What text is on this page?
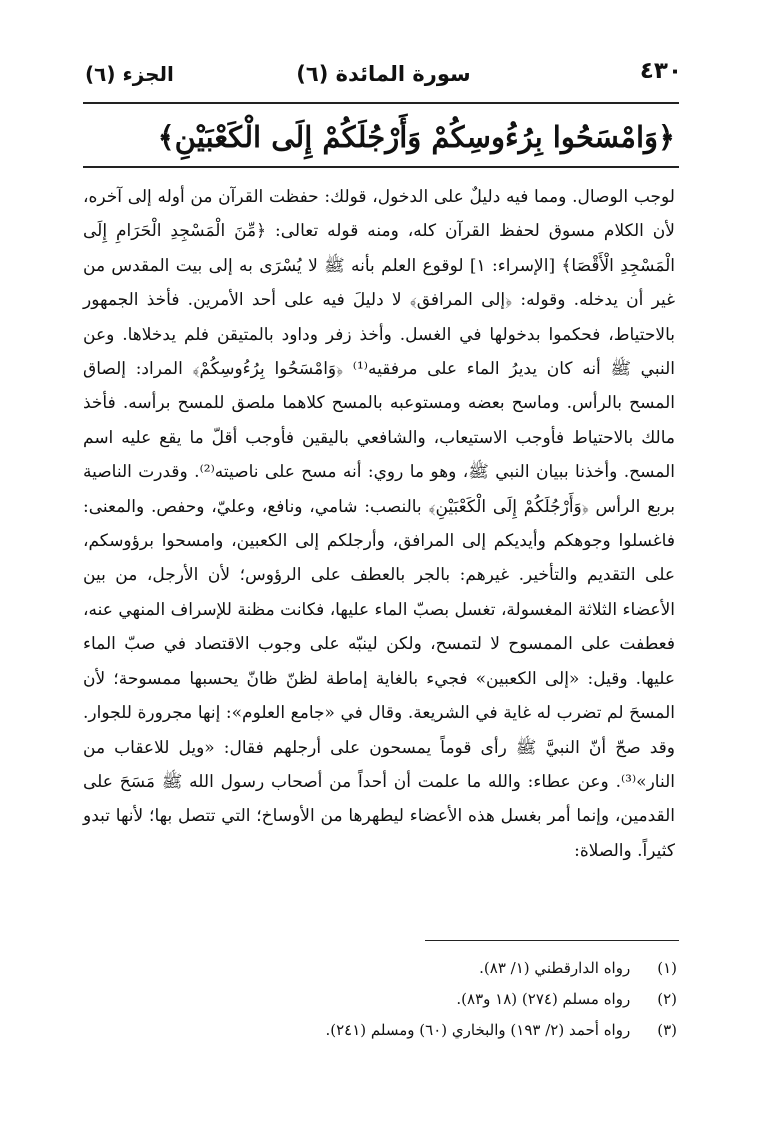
٤٣٠
سورة المائدة (٦)
الجزء (٦)
﴿وَامْسَحُوا بِرُءُوسِكُمْ وَأَرْجُلَكُمْ إِلَى الْكَعْبَيْنِ﴾

لوجب الوصال. ومما فيه دليلٌ على الدخول، قولك: حفظت القرآن من أوله إلى آخره، لأن الكلام مسوق لحفظ القرآن كله، ومنه قوله تعالى: ﴿مِّنَ الْمَسْجِدِ الْحَرَامِ إِلَى الْمَسْجِدِ الْأَقْصَا﴾ [الإسراء: ١] لوقوع العلم بأنه ﷺ لا يُسْرَى به إلى بيت المقدس من غير أن يدخله. وقوله: ﴿إلى المرافق﴾ لا دليلَ فيه على أحد الأمرين. فأخذ الجمهور بالاحتياط، فحكموا بدخولها في الغسل. وأخذ زفر وداود بالمتيقن فلم يدخلاها. وعن النبي ﷺ أنه كان يديرُ الماء على مرفقيه⁽¹⁾ ﴿وَامْسَحُوا بِرُءُوسِكُمْ﴾ المراد: إلصاق المسح بالرأس. وماسح بعضه ومستوعبه بالمسح كلاهما ملصق للمسح برأسه. فأخذ مالك بالاحتياط فأوجب الاستيعاب، والشافعي باليقين فأوجب أقلّ ما يقع عليه اسم المسح. وأخذنا ببيان النبي ﷺ، وهو ما روي: أنه مسح على ناصيته⁽²⁾. وقدرت الناصية بربع الرأس ﴿وَأَرْجُلَكُمْ إِلَى الْكَعْبَيْنِ﴾ بالنصب: شامي، ونافع، وعليّ، وحفص. والمعنى: فاغسلوا وجوهكم وأيديكم إلى المرافق، وأرجلكم إلى الكعبين، وامسحوا برؤوسكم، على التقديم والتأخير. غيرهم: بالجر بالعطف على الرؤوس؛ لأن الأرجل، من بين الأعضاء الثلاثة المغسولة، تغسل بصبّ الماء عليها، فكانت مظنة للإسراف المنهي عنه، فعطفت على الممسوح لا لتمسح، ولكن لينبّه على وجوب الاقتصاد في صبّ الماء عليها. وقيل: «إلى الكعبين» فجيء بالغاية إماطة لظنّ ظانّ يحسبها ممسوحة؛ لأن المسحَ لم تضرب له غاية في الشريعة. وقال في «جامع العلوم»: إنها مجرورة للجوار. وقد صحّ أنّ النبيَّ ﷺ رأى قوماً يمسحون على أرجلهم فقال: «ويل للاعقاب من النار»⁽³⁾. وعن عطاء: والله ما علمت أن أحداً من أصحاب رسول الله ﷺ مَسَحَ على القدمين، وإنما أمر بغسل هذه الأعضاء ليطهرها من الأوساخ؛ التي تتصل بها؛ لأنها تبدو كثيراً. والصلاة:

(١) رواه الدارقطني (١/ ٨٣).
(٢) رواه مسلم (٢٧٤) (١٨ و٨٣).
(٣) رواه أحمد (٢/ ١٩٣) والبخاري (٦٠) ومسلم (٢٤١).
